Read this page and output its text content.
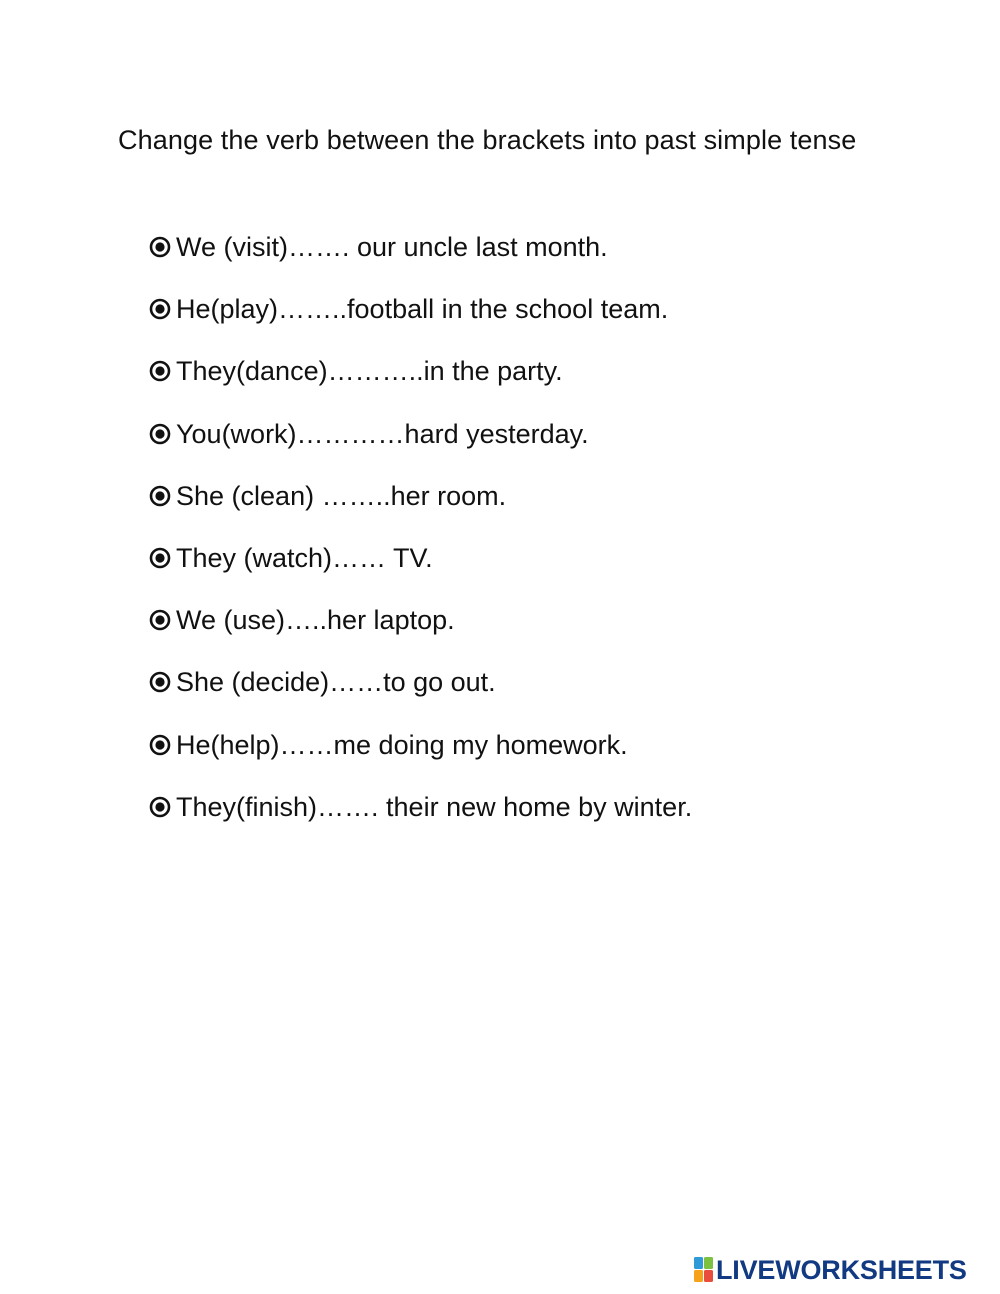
Change the verb between the brackets into past simple tense
We (visit)……. our uncle last month.
He(play)……..football in the school team.
They(dance)………..in the party.
You(work)…………hard yesterday.
She (clean) ……..her room.
They (watch)…… TV.
We (use)…..her laptop.
She (decide)……to go out.
He(help)……me doing my homework.
They(finish)……. their new home by winter.
LIVEWORKSHEETS
